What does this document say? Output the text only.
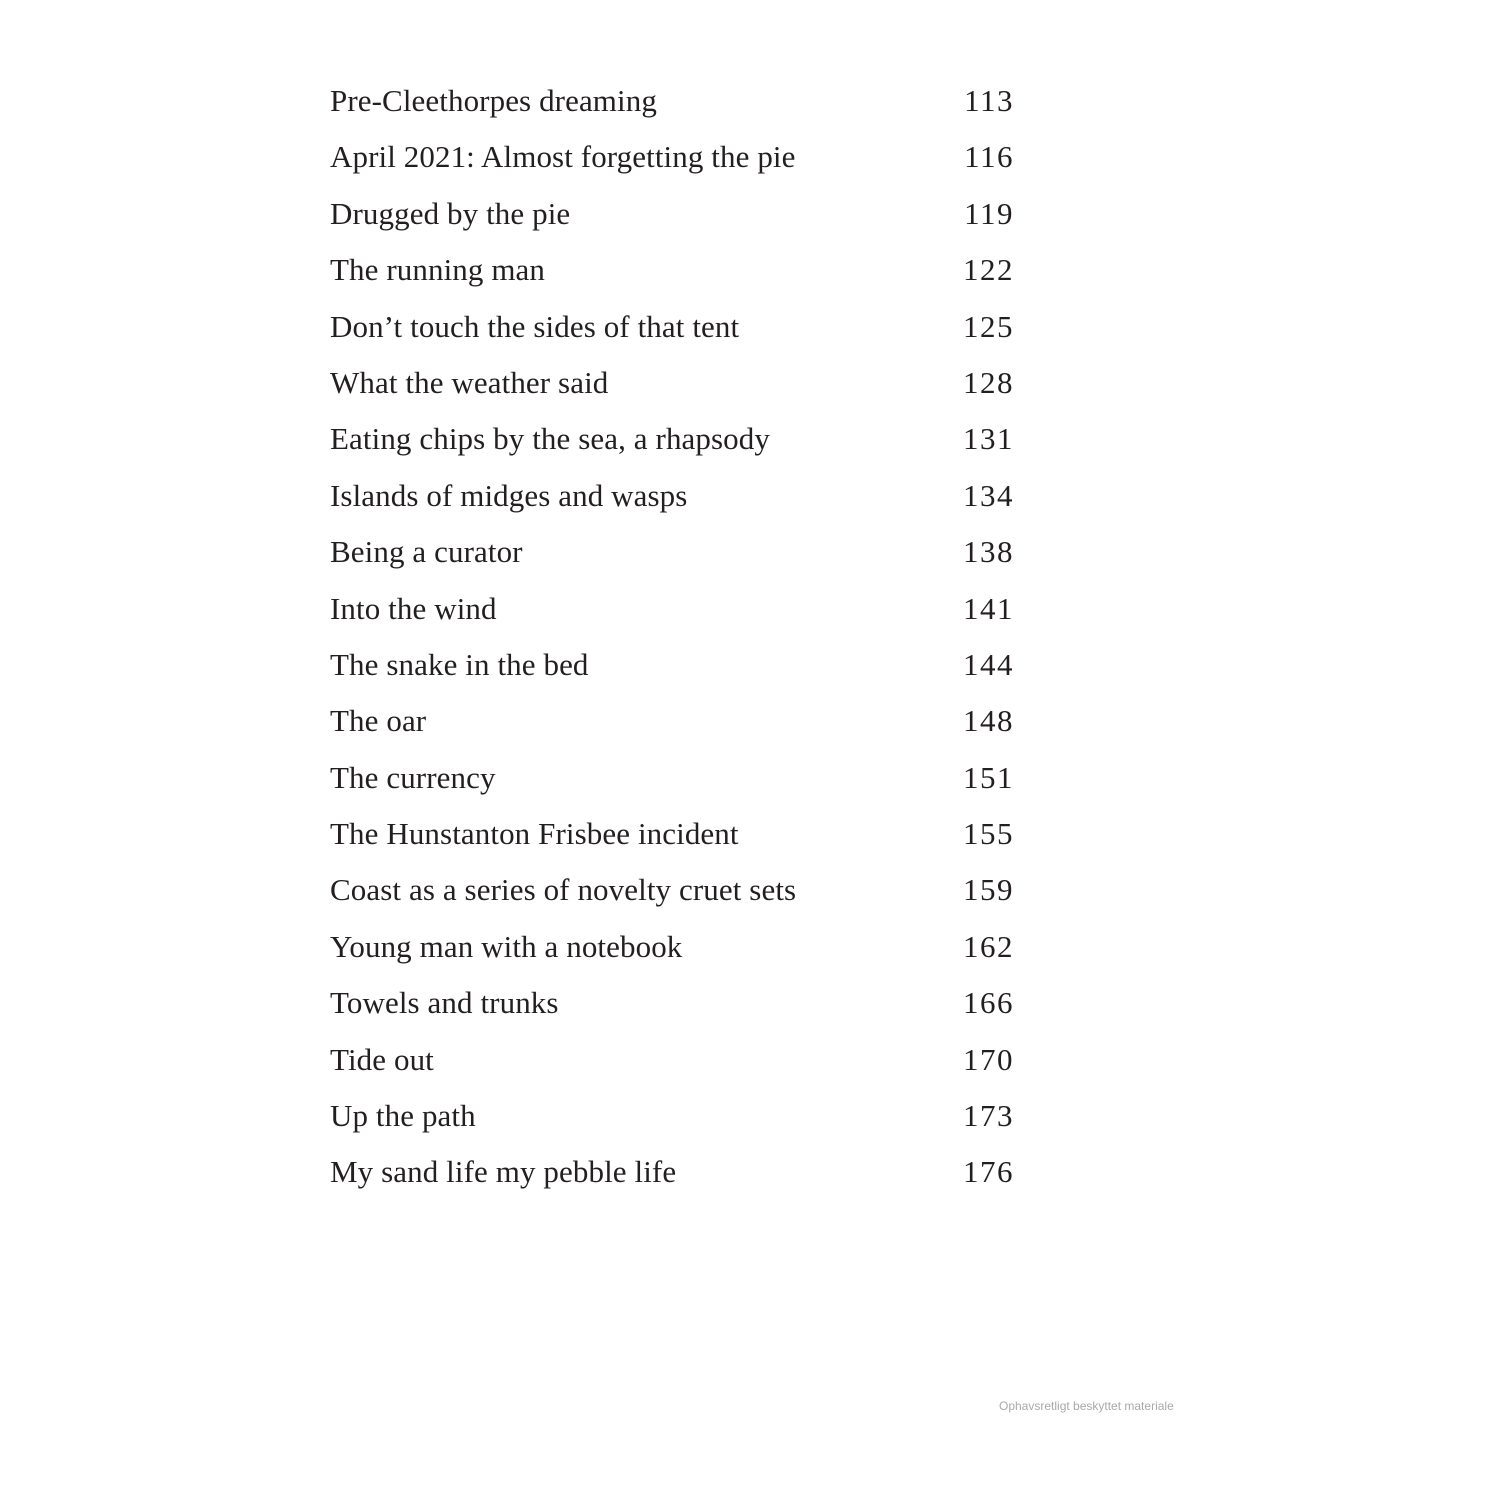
Pre-Cleethorpes dreaming	113
April 2021: Almost forgetting the pie	116
Drugged by the pie	119
The running man	122
Don’t touch the sides of that tent	125
What the weather said	128
Eating chips by the sea, a rhapsody	131
Islands of midges and wasps	134
Being a curator	138
Into the wind	141
The snake in the bed	144
The oar	148
The currency	151
The Hunstanton Frisbee incident	155
Coast as a series of novelty cruet sets	159
Young man with a notebook	162
Towels and trunks	166
Tide out	170
Up the path	173
My sand life my pebble life	176
Ophavsretligt beskyttet materiale
